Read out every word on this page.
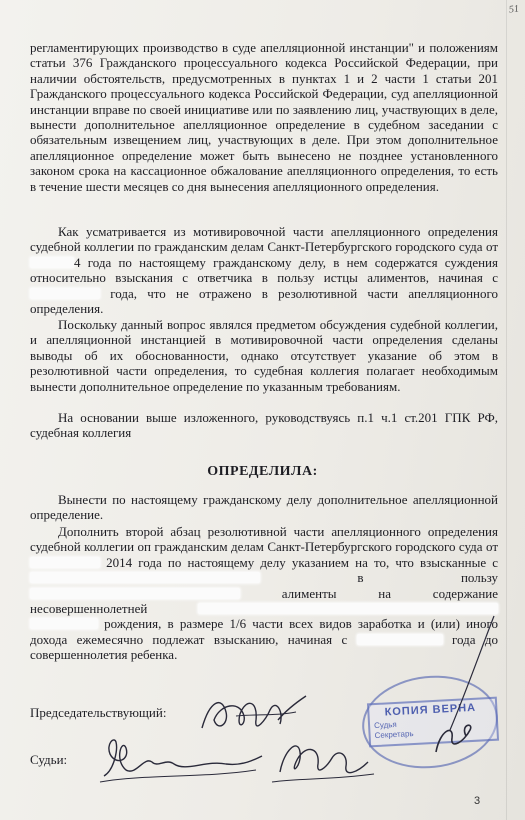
51

регламентирующих производство в суде апелляционной инстанции" и положениям статьи 376 Гражданского процессуального кодекса Российской Федерации, при наличии обстоятельств, предусмотренных в пунктах 1 и 2 части 1 статьи 201 Гражданского процессуального кодекса Российской Федерации, суд апелляционной инстанции вправе по своей инициативе или по заявлению лиц, участвующих в деле, вынести дополнительное апелляционное определение в судебном заседании с обязательным извещением лиц, участвующих в деле. При этом дополнительное апелляционное определение может быть вынесено не позднее установленного законом срока на кассационное обжалование апелляционного определения, то есть в течение шести месяцев со дня вынесения апелляционного определения.

Как усматривается из мотивировочной части апелляционного определения судебной коллегии по гражданским делам Санкт-Петербургского городского суда от 4 года по настоящему гражданскому делу, в нем содержатся суждения относительно взыскания с ответчика в пользу истцы алиментов, начиная с  года, что не отражено в резолютивной части апелляционного определения.

Поскольку данный вопрос являлся предметом обсуждения судебной коллегии, и апелляционной инстанцией в мотивировочной части определения сделаны выводы об их обоснованности, однако отсутствует указание об этом в резолютивной части определения, то судебная коллегия полагает необходимым вынести дополнительное определение по указанным требованиям.

На основании выше изложенного, руководствуясь п.1 ч.1 ст.201 ГПК РФ, судебная коллегия

ОПРЕДЕЛИЛА:

Вынести по настоящему гражданскому делу дополнительное апелляционной определение.

Дополнить второй абзац резолютивной части апелляционного определения судебной коллегии оп гражданским делам Санкт-Петербургского городского суда от  2014 года по настоящему делу указанием на то, что взысканные с  в пользу  алименты на содержание несовершеннолетней   рождения, в размере 1/6 части всех видов заработка и (или) иного дохода ежемесячно подлежат взысканию, начиная с	года до совершеннолетия ребенка.

Председательствующий:
Судьи:
КОПИЯ ВЕРНА
Судья
Секретарь
3
